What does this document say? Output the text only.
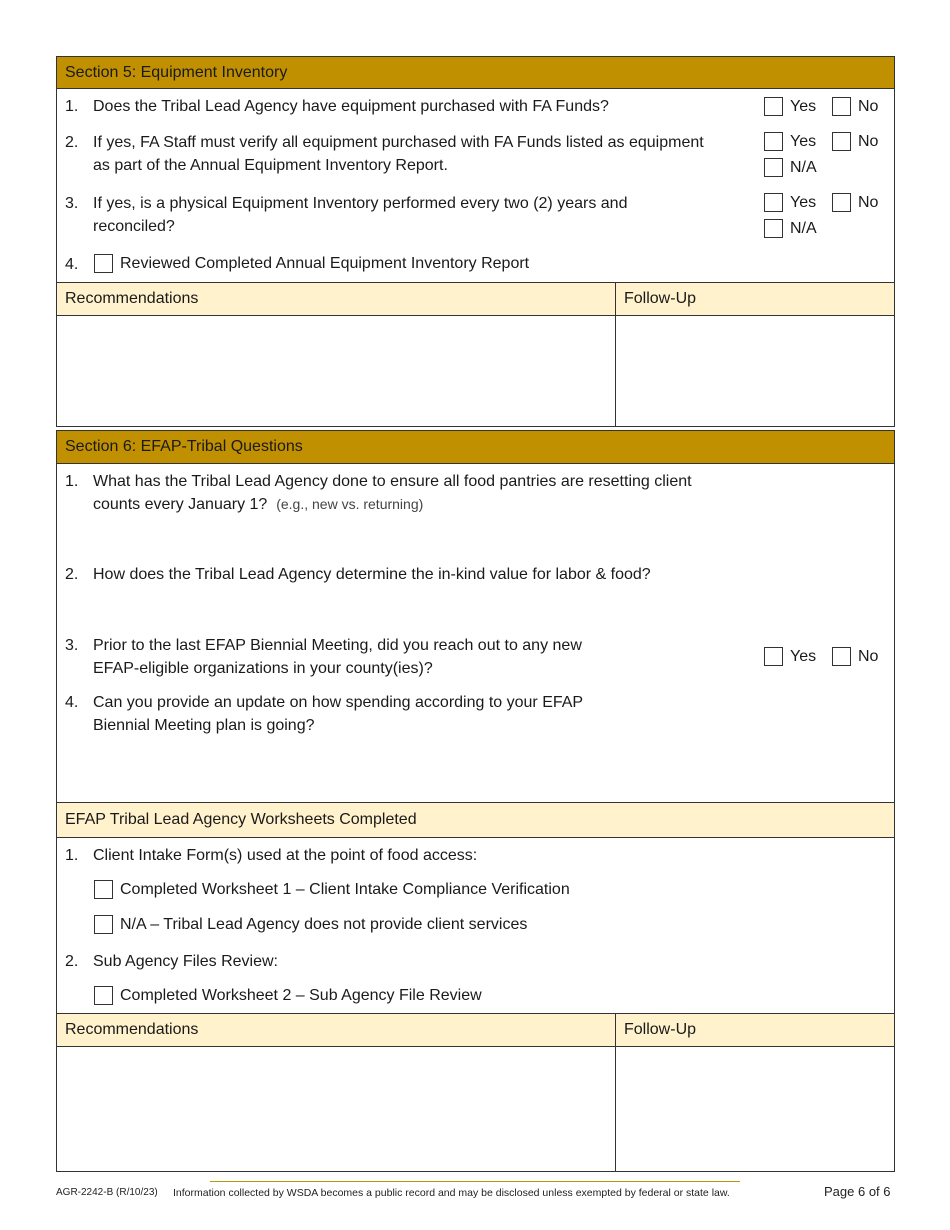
Section 5: Equipment Inventory
1. Does the Tribal Lead Agency have equipment purchased with FA Funds?	Yes	No
2. If yes, FA Staff must verify all equipment purchased with FA Funds listed as equipment
as part of the Annual Equipment Inventory Report.
Yes	No
N/A
3. If yes, is a physical Equipment Inventory performed every two (2) years and
reconciled?
Yes	No
N/A
4.	Reviewed Completed Annual Equipment Inventory Report
Recommendations	Follow-Up
Section 6: EFAP-Tribal Questions
1. What has the Tribal Lead Agency done to ensure all food pantries are resetting client
counts every January 1? (e.g., new vs. returning)
2. How does the Tribal Lead Agency determine the in-kind value for labor & food?
3. Prior to the last EFAP Biennial Meeting, did you reach out to any new
EFAP-eligible organizations in your county(ies)?
Yes	No
4. Can you provide an update on how spending according to your EFAP
Biennial Meeting plan is going?
EFAP Tribal Lead Agency Worksheets Completed
1. Client Intake Form(s) used at the point of food access:
Completed Worksheet 1 – Client Intake Compliance Verification
N/A – Tribal Lead Agency does not provide client services
2. Sub Agency Files Review:
Completed Worksheet 2 – Sub Agency File Review
Recommendations	Follow-Up
AGR-2242-B (R/10/23) Information collected by WSDA becomes a public record and may be disclosed unless exempted by federal or state law.	Page 6 of 6
